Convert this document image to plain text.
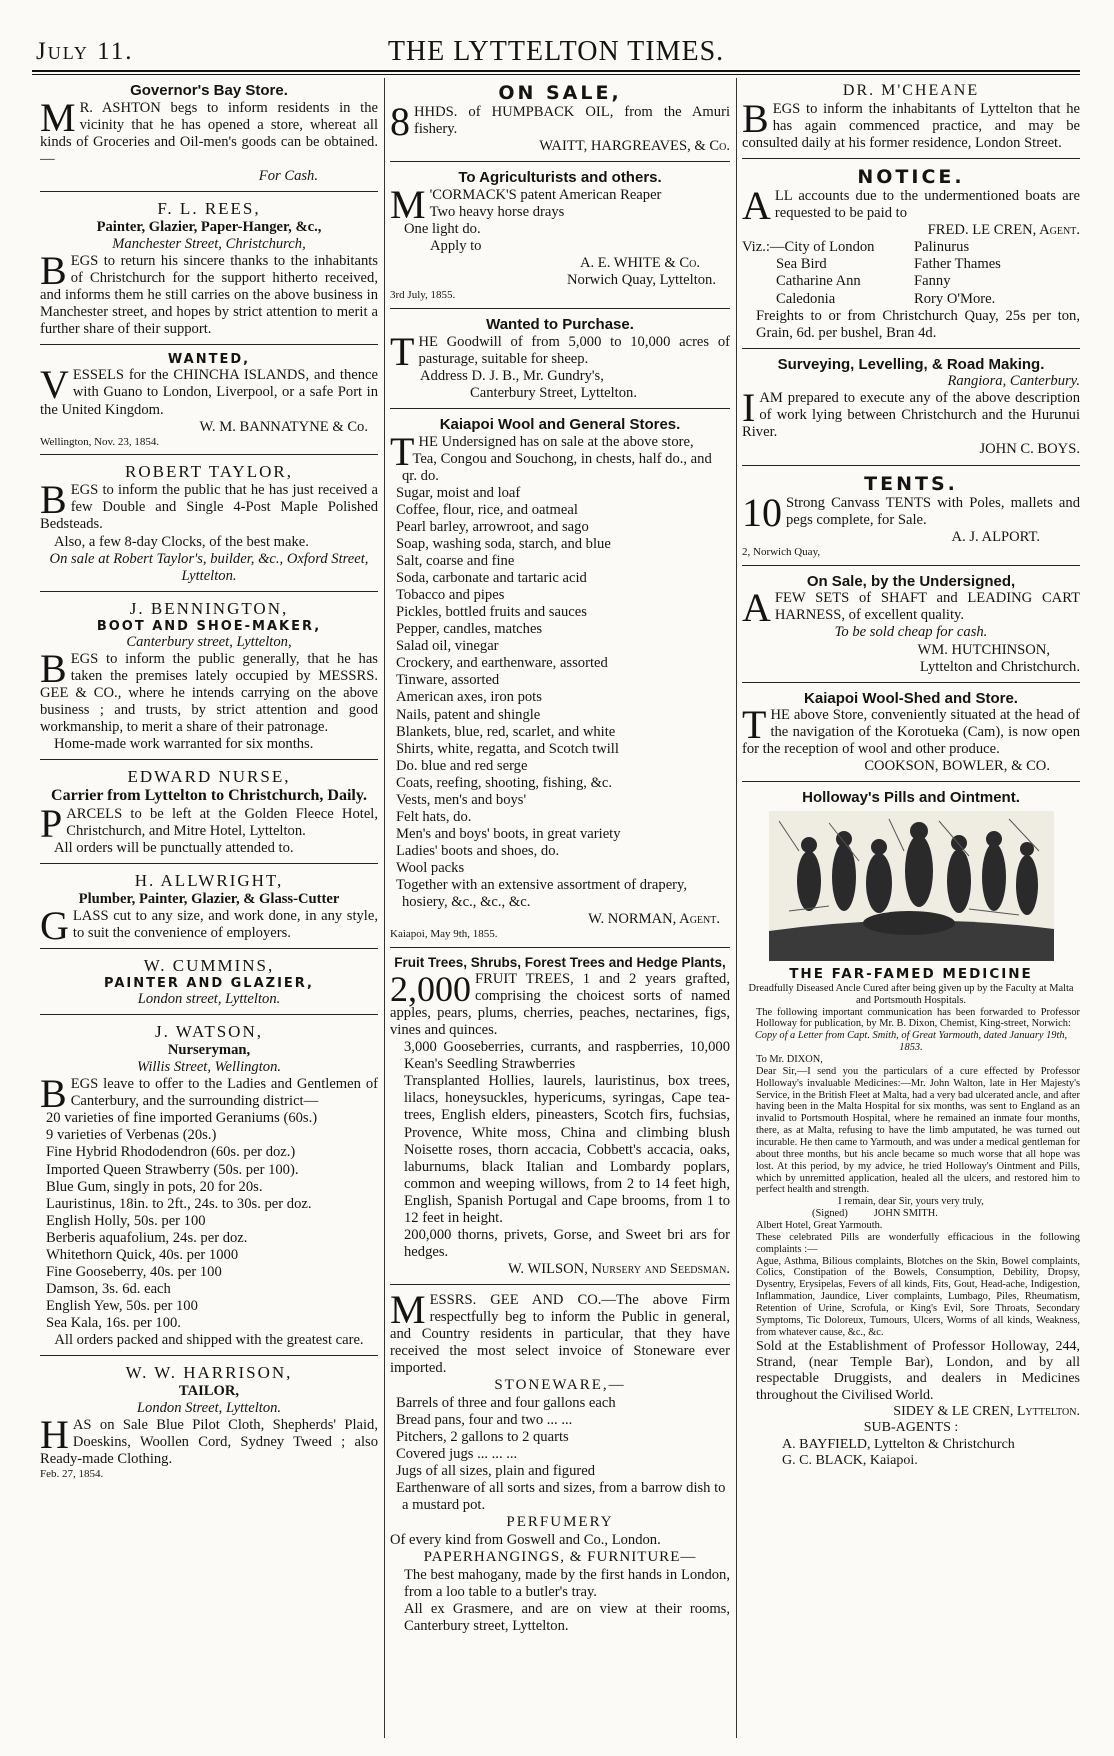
July 11.	THE LYTTELTON TIMES.
Governor's Bay Store.

M R. ASHTON begs to inform residents in the vicinity that he has opened a store, whereat all kinds of Groceries and Oil-men's goods can be obtained.—

For Cash.

F. L. REES,
Painter, Glazier, Paper-Hanger, &c.,
Manchester Street, Christchurch,

BEGS to return his sincere thanks to the inhabitants of Christchurch for the support hitherto received, and informs them he still carries on the above business in Manchester street, and hopes by strict attention to merit a further share of their support.

WANTED,

VESSELS for the CHINCHA ISLANDS, and thence with Guano to London, Liverpool, or a safe Port in the United Kingdom.

W. M. BANNATYNE & Co.

Wellington, Nov. 23, 1854.

ROBERT TAYLOR,

BEGS to inform the public that he has just received a few Double and Single 4-Post Maple Polished Bedsteads.

Also, a few 8-day Clocks, of the best make.

On sale at Robert Taylor's, builder, &c., Oxford Street, Lyttelton.

J. BENNINGTON,
BOOT AND SHOE-MAKER,
Canterbury street, Lyttelton,

BEGS to inform the public generally, that he has taken the premises lately occupied by MESSRS. GEE & CO., where he intends carrying on the above business ; and trusts, by strict attention and good workmanship, to merit a share of their patronage.

Home-made work warranted for six months.

EDWARD NURSE,
Carrier from Lyttelton to Christchurch, Daily.

PARCELS to be left at the Golden Fleece Hotel, Christchurch, and Mitre Hotel, Lyttelton.

All orders will be punctually attended to.

H. ALLWRIGHT,
Plumber, Painter, Glazier, & Glass-Cutter

GLASS cut to any size, and work done, in any style, to suit the convenience of employers.

W. CUMMINS,
PAINTER AND GLAZIER,
London street, Lyttelton.
J. WATSON,
Nurseryman,
Willis Street, Wellington.

BEGS leave to offer to the Ladies and Gentlemen of Canterbury, and the surrounding district—

20 varieties of fine imported Geraniums (60s.)
9 varieties of Verbenas (20s.)
Fine Hybrid Rhododendron (60s. per doz.)
Imported Queen Strawberry (50s. per 100).
Blue Gum, singly in pots, 20 for 20s.
Lauristinus, 18in. to 2ft., 24s. to 30s. per doz.
English Holly, 50s. per 100
Berberis aquafolium, 24s. per doz.
Whitethorn Quick, 40s. per 1000
Fine Gooseberry, 40s. per 100
Damson, 3s. 6d. each
English Yew, 50s. per 100
Sea Kala, 16s. per 100.

All orders packed and shipped with the greatest care.

W. W. HARRISON,
TAILOR,
London Street, Lyttelton.

HAS on Sale Blue Pilot Cloth, Shepherds' Plaid, Doeskins, Woollen Cord, Sydney Tweed ; also Ready-made Clothing.

Feb. 27, 1854.

ON SALE,

8 HHDS. of HUMPBACK OIL, from the Amuri fishery.

WAITT, HARGREAVES, & Co.

To Agriculturists and others.

M 'CORMACK'S patent American Reaper

Two heavy horse drays
One light do.
Apply to

A. E. WHITE & Co.

Norwich Quay, Lyttelton.

3rd July, 1855.

Wanted to Purchase.

THE Goodwill of from 5,000 to 10,000 acres of pasturage, suitable for sheep.

Address D. J. B., Mr. Gundry's,

Canterbury Street, Lyttelton.

Kaiapoi Wool and General Stores.

THE Undersigned has on sale at the above store,

Tea, Congou and Souchong, in chests, half do., and qr. do.
Sugar, moist and loaf
Coffee, flour, rice, and oatmeal
Pearl barley, arrowroot, and sago
Soap, washing soda, starch, and blue
Salt, coarse and fine
Soda, carbonate and tartaric acid
Tobacco and pipes
Pickles, bottled fruits and sauces
Pepper, candles, matches
Salad oil, vinegar
Crockery, and earthenware, assorted
Tinware, assorted
American axes, iron pots
Nails, patent and shingle
Blankets, blue, red, scarlet, and white
Shirts, white, regatta, and Scotch twill
Do. blue and red serge
Coats, reefing, shooting, fishing, &c.
Vests, men's and boys'
Felt hats, do.
Men's and boys' boots, in great variety
Ladies' boots and shoes, do.
Wool packs
Together with an extensive assortment of drapery, hosiery, &c., &c., &c.

W. NORMAN, Agent.

Kaiapoi, May 9th, 1855.

Fruit Trees, Shrubs, Forest Trees and Hedge Plants,

2,000 FRUIT TREES, 1 and 2 years grafted, comprising the choicest sorts of named apples, pears, plums, cherries, peaches, nectarines, figs, vines and quinces.

3,000 Gooseberries, currants, and raspberries, 10,000 Kean's Seedling Strawberries

Transplanted Hollies, laurels, lauristinus, box trees, lilacs, honeysuckles, hypericums, syringas, Cape tea-trees, English elders, pineasters, Scotch firs, fuchsias, Provence, White moss, China and climbing blush Noisette roses, thorn accacia, Cobbett's accacia, oaks, laburnums, black Italian and Lombardy poplars, common and weeping willows, from 2 to 14 feet high, English, Spanish Portugal and Cape brooms, from 1 to 12 feet in height.

200,000 thorns, privets, Gorse, and Sweet bri ars for hedges.

W. WILSON, Nursery and Seedsman.

MESSRS. GEE AND CO.—The above Firm respectfully beg to inform the Public in general, and Country residents in particular, that they have received the most select invoice of Stoneware ever imported.

STONEWARE,—
Barrels of three and four gallons each
Bread pans, four and two ... ...
Pitchers, 2 gallons to 2 quarts
Covered jugs ... ... ...
Jugs of all sizes, plain and figured
Earthenware of all sorts and sizes, from a barrow dish to a mustard pot.
PERFUMERY

Of every kind from Goswell and Co., London.

PAPERHANGINGS, & FURNITURE—

The best mahogany, made by the first hands in London, from a loo table to a butler's tray.

All ex Grasmere, and are on view at their rooms, Canterbury street, Lyttelton.

DR. M'CHEANE

BEGS to inform the inhabitants of Lyttelton that he has again commenced practice, and may be consulted daily at his former residence, London Street.

NOTICE.

ALL accounts due to the undermentioned boats are requested to be paid to

FRED. LE CREN, Agent.

Viz.:—City of London	Palinurus
Sea Bird	Father Thames
Catharine Ann	Fanny
Caledonia	Rory O'More.

Freights to or from Christchurch Quay, 25s per ton, Grain, 6d. per bushel, Bran 4d.

Surveying, Levelling, & Road Making.

Rangiora, Canterbury.

IAM prepared to execute any of the above description of work lying between Christchurch and the Hurunui River.

JOHN C. BOYS.

TENTS.

10 Strong Canvass TENTS with Poles, mallets and pegs complete, for Sale.

A. J. ALPORT.

2, Norwich Quay,

On Sale, by the Undersigned,

AFEW SETS of SHAFT and LEADING CART HARNESS, of excellent quality.

To be sold cheap for cash.

WM. HUTCHINSON,

Lyttelton and Christchurch.

Kaiapoi Wool-Shed and Store.

THE above Store, conveniently situated at the head of the navigation of the Korotueka (Cam), is now open for the reception of wool and other produce.

COOKSON, BOWLER, & CO.

Holloway's Pills and Ointment.
THE FAR-FAMED MEDICINE

Dreadfully Diseased Ancle Cured after being given up by the Faculty at Malta and Portsmouth Hospitals.

The following important communication has been forwarded to Professor Holloway for publication, by Mr. B. Dixon, Chemist, King-street, Norwich:

Copy of a Letter from Capt. Smith, of Great Yarmouth, dated January 19th, 1853.

To Mr. DIXON,

Dear Sir,—I send you the particulars of a cure effected by Professor Holloway's invaluable Medicines:—Mr. John Walton, late in Her Majesty's Service, in the British Fleet at Malta, had a very bad ulcerated ancle, and after having been in the Malta Hospital for six months, was sent to England as an invalid to Portsmouth Hospital, where he remained an inmate four months, there, as at Malta, refusing to have the limb amputated, he was turned out incurable. He then came to Yarmouth, and was under a medical gentleman for about three months, but his ancle became so much worse that all hope was lost. At this period, by my advice, he tried Holloway's Ointment and Pills, which by unremitted application, healed all the ulcers, and restored him to perfect health and strength.

I remain, dear Sir, yours very truly,

(Signed) JOHN SMITH.

Albert Hotel, Great Yarmouth.

These celebrated Pills are wonderfully efficacious in the following complaints :—

Ague, Asthma, Bilious complaints, Blotches on the Skin, Bowel complaints, Colics, Constipation of the Bowels, Consumption, Debility, Dropsy, Dysentry, Erysipelas, Fevers of all kinds, Fits, Gout, Head-ache, Indigestion, Inflammation, Jaundice, Liver complaints, Lumbago, Piles, Rheumatism, Retention of Urine, Scrofula, or King's Evil, Sore Throats, Secondary Symptoms, Tic Doloreux, Tumours, Ulcers, Worms of all kinds, Weakness, from whatever cause, &c., &c.

Sold at the Establishment of Professor Holloway, 244, Strand, (near Temple Bar), London, and by all respectable Druggists, and dealers in Medicines throughout the Civilised World.

SIDEY & LE CREN, Lyttelton.

SUB-AGENTS :

A. BAYFIELD, Lyttelton & Christchurch

G. C. BLACK, Kaiapoi.
